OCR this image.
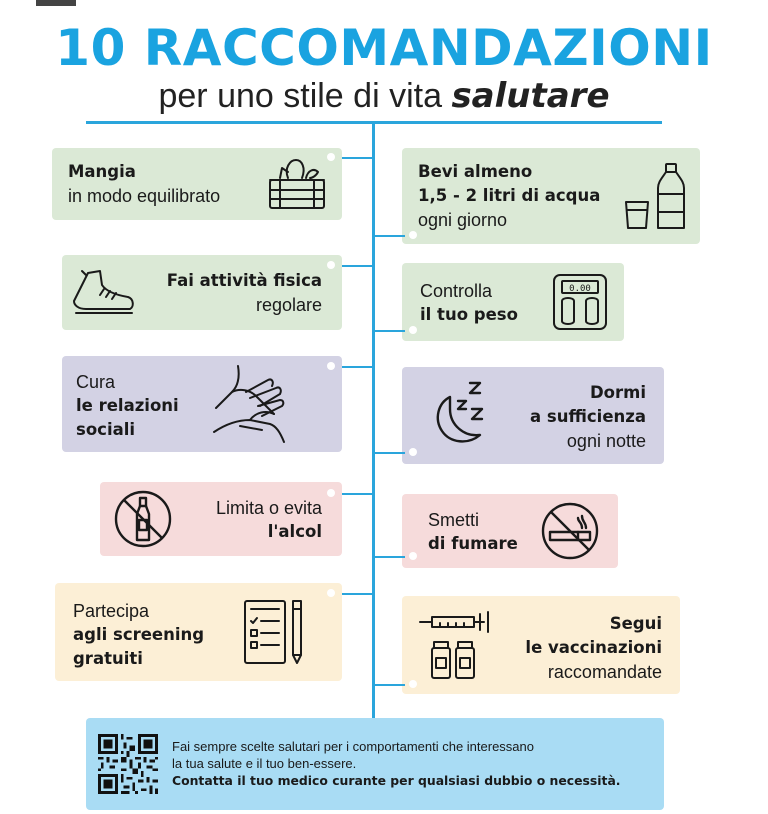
10 RACCOMANDAZIONI
per uno stile di vita salutare
Mangia
in modo equilibrato
Bevi almeno
1,5 - 2 litri di acqua
ogni giorno
Fai attività fisica
regolare
Controlla
il tuo peso
0.00
Cura
le relazioni
sociali
Dormi
a sufficienza
ogni notte
Limita o evita
l'alcol
Smetti
di fumare
Partecipa
agli screening
gratuiti
Segui
le vaccinazioni
raccomandate
Fai sempre scelte salutari per i comportamenti che interessano
la tua salute e il tuo ben-essere.
Contatta il tuo medico curante per qualsiasi dubbio o necessità.
